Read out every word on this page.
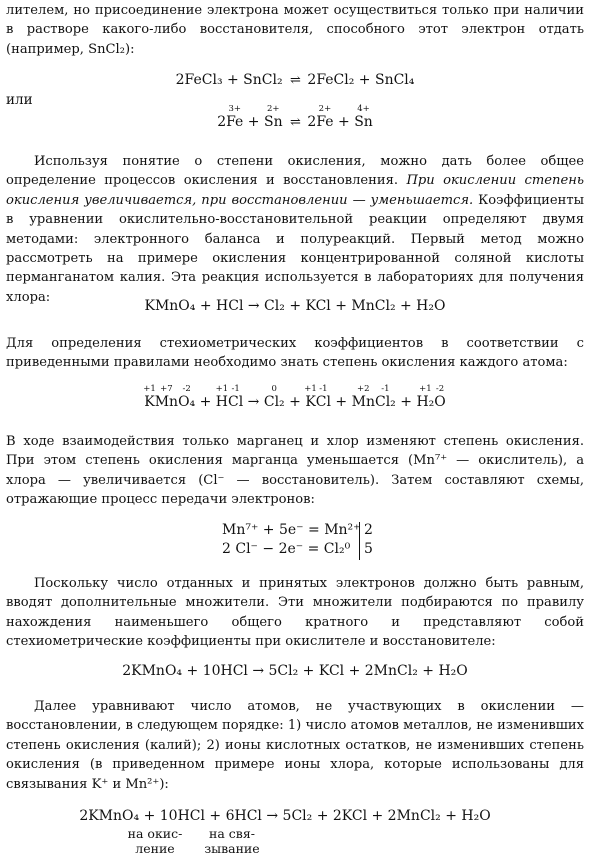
лителем, но присоединение электрона может осуществиться только при наличии в растворе какого-либо восстановителя, способного этот электрон отдать (например, SnCl₂):

2FeCl₃ + SnCl₂ ⇌ 2FeCl₂ + SnCl₄
или
2
3+
Fe +
2+
Sn ⇌ 2
2+
Fe +
4+
Sn

Используя понятие о степени окисления, можно дать более общее определение процессов окисления и восстановления. При окислении степень окисления увеличивается, при восстановлении — уменьшается. Коэффициенты в уравнении окислительно-восстановительной реакции определяют двумя методами: электронного баланса и полуреакций. Первый метод можно рассмотреть на примере окисления концентрированной соляной кислоты перманганатом калия. Эта реакция используется в лабораториях для получения хлора:

KMnO₄ + HCl → Cl₂ + KCl + MnCl₂ + H₂O

Для определения стехиометрических коэффициентов в соответствии с приведенными правилами необходимо знать степень окисления каждого атома:

+1
K
+7
Mn
-2
O₄ +
+1
H
-1
Cl →
0
Cl₂ +
+1
K
-1
Cl +
+2
Mn
-1
Cl₂ +
+1
H₂
-2
O

В ходе взаимодействия только марганец и хлор изменяют степень окисления. При этом степень окисления марганца уменьшается (Mn⁷⁺ — окислитель), а хлора — увеличивается (Cl⁻ — восстановитель). Затем составляют схемы, отражающие процесс передачи электронов:

Mn⁷⁺ + 5e⁻ = Mn²⁺
2 Cl⁻ − 2e⁻ = Cl₂⁰
2
5

Поскольку число отданных и принятых электронов должно быть равным, вводят дополнительные множители. Эти множители подбираются по правилу нахождения наименьшего общего кратного и представляют собой стехиометрические коэффициенты при окислителе и восстановителе:

2KMnO₄ + 10HCl → 5Cl₂ + KCl + 2MnCl₂ + H₂O

Далее уравнивают число атомов, не участвующих в окислении — восстановлении, в следующем порядке: 1) число атомов металлов, не изменивших степень окисления (калий); 2) ионы кислотных остатков, не изменивших степень окисления (в приведенном примере ионы хлора, которые использованы для связывания K⁺ и Mn²⁺):

2KMnO₄ + 10HCl + 6HCl → 5Cl₂ + 2KCl + 2MnCl₂ + H₂O
на окис-
ление
на свя-
зывание
